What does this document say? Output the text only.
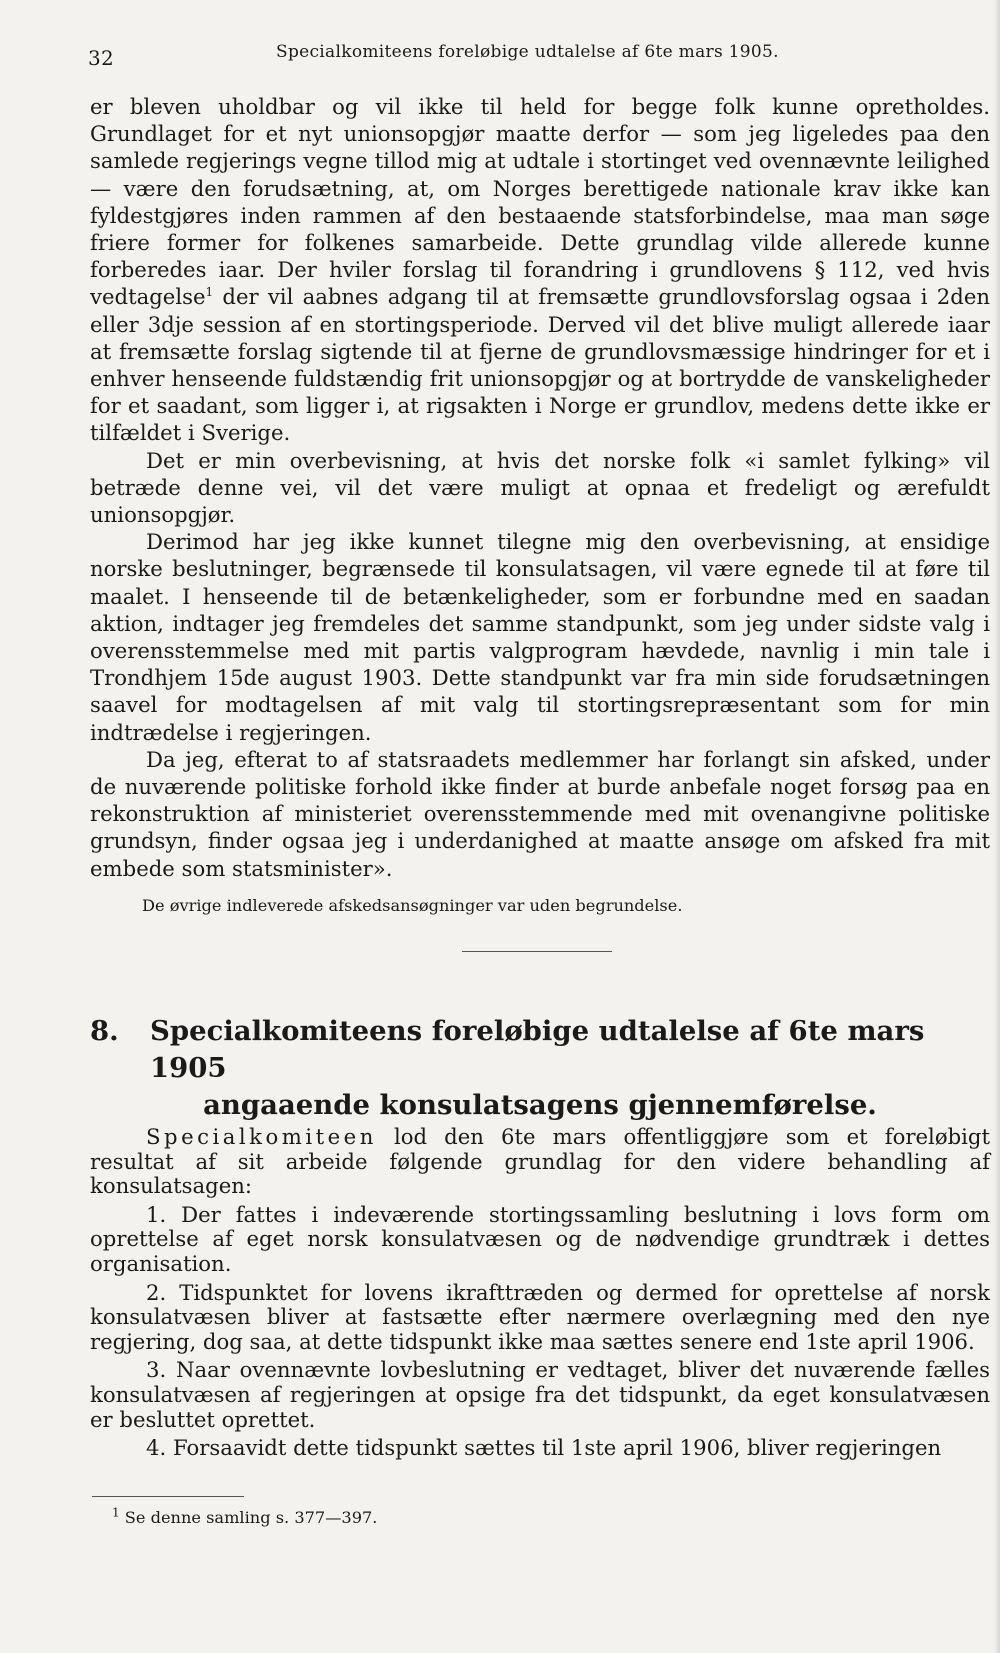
32	Specialkomiteens foreløbige udtalelse af 6te mars 1905.

er bleven uholdbar og vil ikke til held for begge folk kunne opretholdes. Grundlaget for et nyt unionsopgjør maatte derfor — som jeg ligeledes paa den samlede regjerings vegne tillod mig at udtale i stortinget ved ovennævnte leilighed — være den forudsætning, at, om Norges berettigede nationale krav ikke kan fyldestgjøres inden rammen af den bestaaende statsforbindelse, maa man søge friere former for folkenes samarbeide. Dette grundlag vilde allerede kunne forberedes iaar. Der hviler forslag til forandring i grundlovens § 112, ved hvis vedtagelse$^1$ der vil aabnes adgang til at fremsætte grundlovsforslag ogsaa i 2den eller 3dje session af en stortingsperiode. Derved vil det blive muligt allerede iaar at fremsætte forslag sigtende til at fjerne de grundlovsmæssige hindringer for et i enhver henseende fuldstændig frit unionsopgjør og at bortrydde de vanskeligheder for et saadant, som ligger i, at rigsakten i Norge er grundlov, medens dette ikke er tilfældet i Sverige.

Det er min overbevisning, at hvis det norske folk «i samlet fylking» vil betræde denne vei, vil det være muligt at opnaa et fredeligt og ærefuldt unionsopgjør.

Derimod har jeg ikke kunnet tilegne mig den overbevisning, at ensidige norske beslutninger, begrænsede til konsulatsagen, vil være egnede til at føre til maalet. I henseende til de betænkeligheder, som er forbundne med en saadan aktion, indtager jeg fremdeles det samme standpunkt, som jeg under sidste valg i overensstemmelse med mit partis valgprogram hævdede, navnlig i min tale i Trondhjem 15de august 1903. Dette standpunkt var fra min side forudsætningen saavel for modtagelsen af mit valg til stortingsrepræsentant som for min indtrædelse i regjeringen.

Da jeg, efterat to af statsraadets medlemmer har forlangt sin afsked, under de nuværende politiske forhold ikke finder at burde anbefale noget forsøg paa en rekonstruktion af ministeriet overensstemmende med mit ovenangivne politiske grundsyn, finder ogsaa jeg i underdanighed at maatte ansøge om afsked fra mit embede som statsminister».

De øvrige indleverede afskedsansøgninger var uden begrundelse.

8. Specialkomiteens foreløbige udtalelse af 6te mars 1905
angaaende konsulatsagens gjennemførelse.

Specialkomiteen lod den 6te mars offentliggjøre som et foreløbigt resultat af sit arbeide følgende grundlag for den videre behandling af konsulatsagen:

1. Der fattes i indeværende stortingssamling beslutning i lovs form om oprettelse af eget norsk konsulatvæsen og de nødvendige grundtræk i dettes organisation.

2. Tidspunktet for lovens ikrafttræden og dermed for oprettelse af norsk konsulatvæsen bliver at fastsætte efter nærmere overlægning med den nye regjering, dog saa, at dette tidspunkt ikke maa sættes senere end 1ste april 1906.

3. Naar ovennævnte lovbeslutning er vedtaget, bliver det nuværende fælles konsulatvæsen af regjeringen at opsige fra det tidspunkt, da eget konsulatvæsen er besluttet oprettet.

4. Forsaavidt dette tidspunkt sættes til 1ste april 1906, bliver regjeringen

$^1$ Se denne samling s. 377—397.
